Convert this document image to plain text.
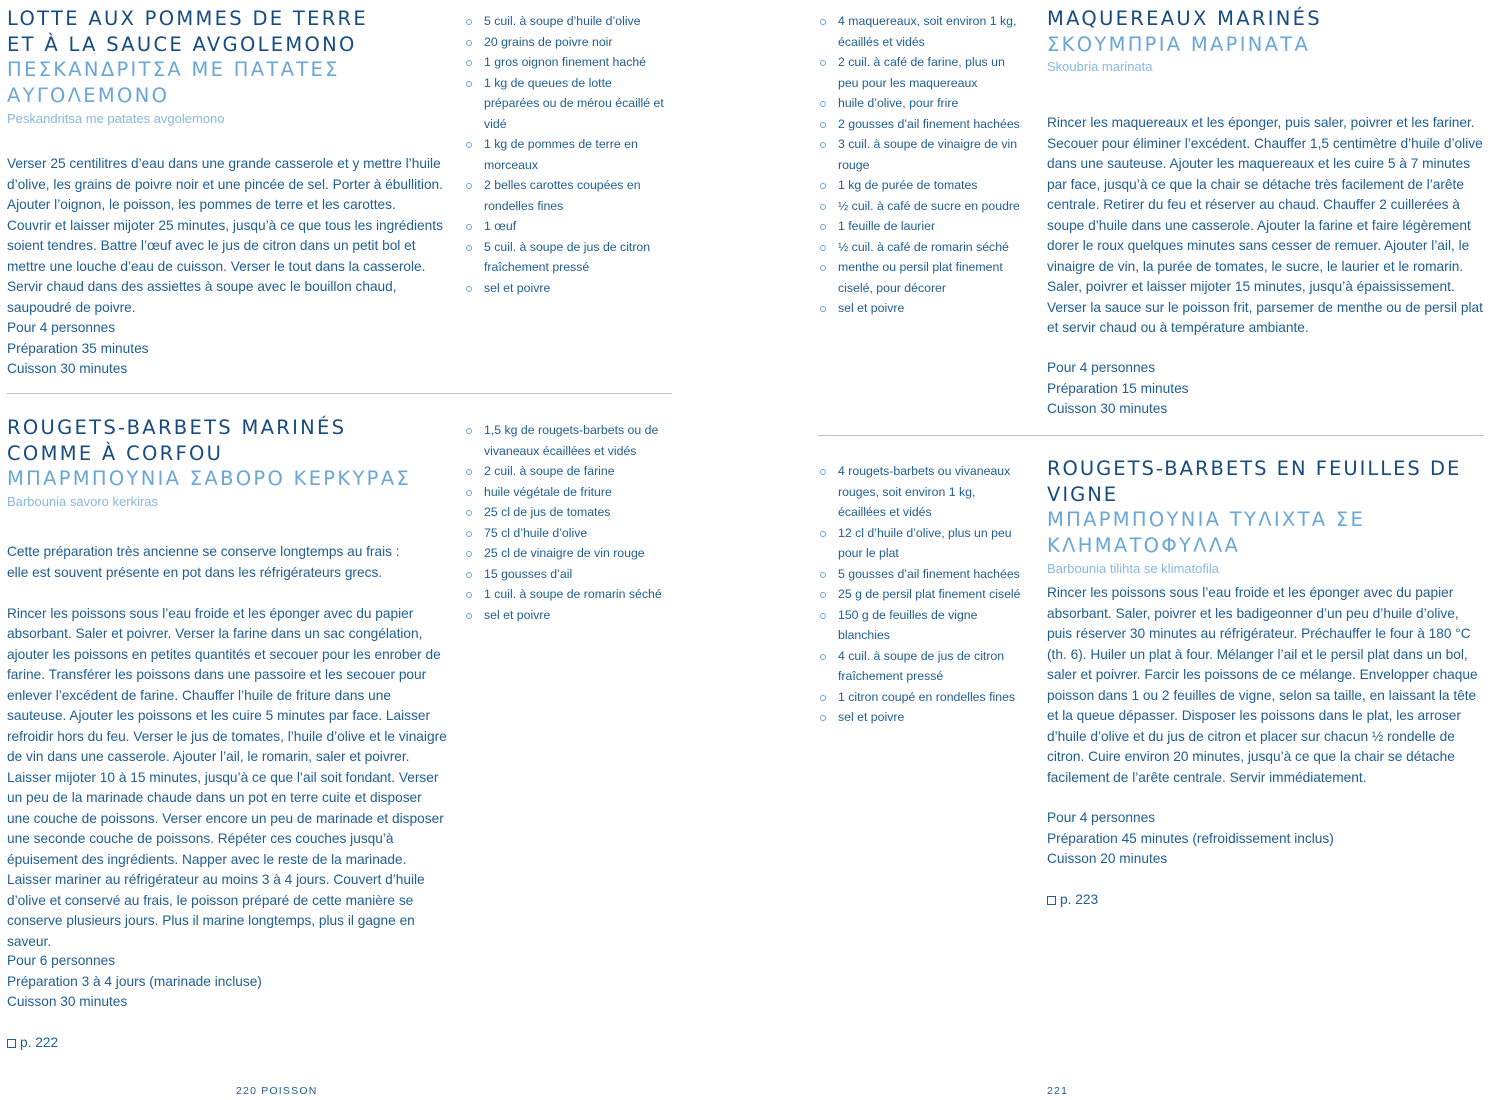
LOTTE AUX POMMES DE TERRE
ET À LA SAUCE AVGOLEMONO
ΠΕΣΚΑΝΔΡΙΤΣΑ ΜΕ ΠΑΤΑΤΕΣ
ΑΥΓΟΛΕΜΟΝΟ
Peskandritsa me patates avgolemono

Verser 25 centilitres d’eau dans une grande casserole et y mettre l’huile d’olive, les grains de poivre noir et une pincée de sel. Porter à ébullition. Ajouter l’oignon, le poisson, les pommes de terre et les carottes. Couvrir et laisser mijoter 25 minutes, jusqu’à ce que tous les ingrédients soient tendres. Battre l’œuf avec le jus de citron dans un petit bol et mettre une louche d’eau de cuisson. Verser le tout dans la casserole. Servir chaud dans des assiettes à soupe avec le bouillon chaud, saupoudré de poivre.

Pour 4 personnes
Préparation 35 minutes
Cuisson 30 minutes
5 cuil. à soupe d’huile d’olive
20 grains de poivre noir
1 gros oignon finement haché
1 kg de queues de lotte préparées ou de mérou écaillé et vidé
1 kg de pommes de terre en morceaux
2 belles carottes coupées en rondelles fines
1 œuf
5 cuil. à soupe de jus de citron fraîchement pressé
sel et poivre
ROUGETS-BARBETS MARINÉS
COMME À CORFOU
ΜΠΑΡΜΠΟΥΝΙΑ ΣΑΒΟΡΟ ΚΕΡΚΥΡΑΣ
Barbounia savoro kerkiras

Cette préparation très ancienne se conserve longtemps au frais : elle est souvent présente en pot dans les réfrigérateurs grecs.

Rincer les poissons sous l’eau froide et les éponger avec du papier absorbant. Saler et poivrer. Verser la farine dans un sac congélation, ajouter les poissons en petites quantités et secouer pour les enrober de farine. Transférer les poissons dans une passoire et les secouer pour enlever l’excédent de farine. Chauffer l’huile de friture dans une sauteuse. Ajouter les poissons et les cuire 5 minutes par face. Laisser refroidir hors du feu. Verser le jus de tomates, l’huile d’olive et le vinaigre de vin dans une casserole. Ajouter l’ail, le romarin, saler et poivrer. Laisser mijoter 10 à 15 minutes, jusqu’à ce que l’ail soit fondant. Verser un peu de la marinade chaude dans un pot en terre cuite et disposer une couche de poissons. Verser encore un peu de marinade et disposer une seconde couche de poissons. Répéter ces couches jusqu’à épuisement des ingrédients. Napper avec le reste de la marinade. Laisser mariner au réfrigérateur au moins 3 à 4 jours. Couvert d’huile d’olive et conservé au frais, le poisson préparé de cette manière se conserve plusieurs jours. Plus il marine longtemps, plus il gagne en saveur.

Pour 6 personnes
Préparation 3 à 4 jours (marinade incluse)
Cuisson 30 minutes
p. 222
1,5 kg de rougets-barbets ou de vivaneaux écaillées et vidés
2 cuil. à soupe de farine
huile végétale de friture
25 cl de jus de tomates
75 cl d’huile d’olive
25 cl de vinaigre de vin rouge
15 gousses d’ail
1 cuil. à soupe de romarin séché
sel et poivre
220 POISSON
4 maquereaux, soit environ 1 kg, écaillés et vidés
2 cuil. à café de farine, plus un peu pour les maquereaux
huile d’olive, pour frire
2 gousses d’ail finement hachées
3 cuil. à soupe de vinaigre de vin rouge
1 kg de purée de tomates
½ cuil. à café de sucre en poudre
1 feuille de laurier
½ cuil. à café de romarin séché
menthe ou persil plat finement ciselé, pour décorer
sel et poivre
MAQUEREAUX MARINÉS
ΣΚΟΥΜΠΡΙΑ ΜΑΡΙΝΑΤΑ
Skoubria marinata

Rincer les maquereaux et les éponger, puis saler, poivrer et les fariner. Secouer pour éliminer l’excédent. Chauffer 1,5 centimètre d’huile d’olive dans une sauteuse. Ajouter les maquereaux et les cuire 5 à 7 minutes par face, jusqu’à ce que la chair se détache très facilement de l’arête centrale. Retirer du feu et réserver au chaud. Chauffer 2 cuillerées à soupe d’huile dans une casserole. Ajouter la farine et faire légèrement dorer le roux quelques minutes sans cesser de remuer. Ajouter l’ail, le vinaigre de vin, la purée de tomates, le sucre, le laurier et le romarin. Saler, poivrer et laisser mijoter 15 minutes, jusqu’à épaississement. Verser la sauce sur le poisson frit, parsemer de menthe ou de persil plat et servir chaud ou à température ambiante.

Pour 4 personnes
Préparation 15 minutes
Cuisson 30 minutes
4 rougets-barbets ou vivaneaux rouges, soit environ 1 kg, écaillées et vidés
12 cl d’huile d’olive, plus un peu pour le plat
5 gousses d’ail finement hachées
25 g de persil plat finement ciselé
150 g de feuilles de vigne blanchies
4 cuil. à soupe de jus de citron fraîchement pressé
1 citron coupé en rondelles fines
sel et poivre
ROUGETS-BARBETS EN FEUILLES DE VIGNE
ΜΠΑΡΜΠΟΥΝΙΑ ΤΥΛΙΧΤΑ ΣΕ
ΚΛΗΜΑΤΟΦΥΛΛΑ
Barbounia tilihta se klimatofila

Rincer les poissons sous l’eau froide et les éponger avec du papier absorbant. Saler, poivrer et les badigeonner d’un peu d’huile d’olive, puis réserver 30 minutes au réfrigérateur. Préchauffer le four à 180 °C (th. 6). Huiler un plat à four. Mélanger l’ail et le persil plat dans un bol, saler et poivrer. Farcir les poissons de ce mélange. Envelopper chaque poisson dans 1 ou 2 feuilles de vigne, selon sa taille, en laissant la tête et la queue dépasser. Disposer les poissons dans le plat, les arroser d’huile d’olive et du jus de citron et placer sur chacun ½ rondelle de citron. Cuire environ 20 minutes, jusqu’à ce que la chair se détache facilement de l’arête centrale. Servir immédiatement.

Pour 4 personnes
Préparation 45 minutes (refroidissement inclus)
Cuisson 20 minutes
p. 223
221
